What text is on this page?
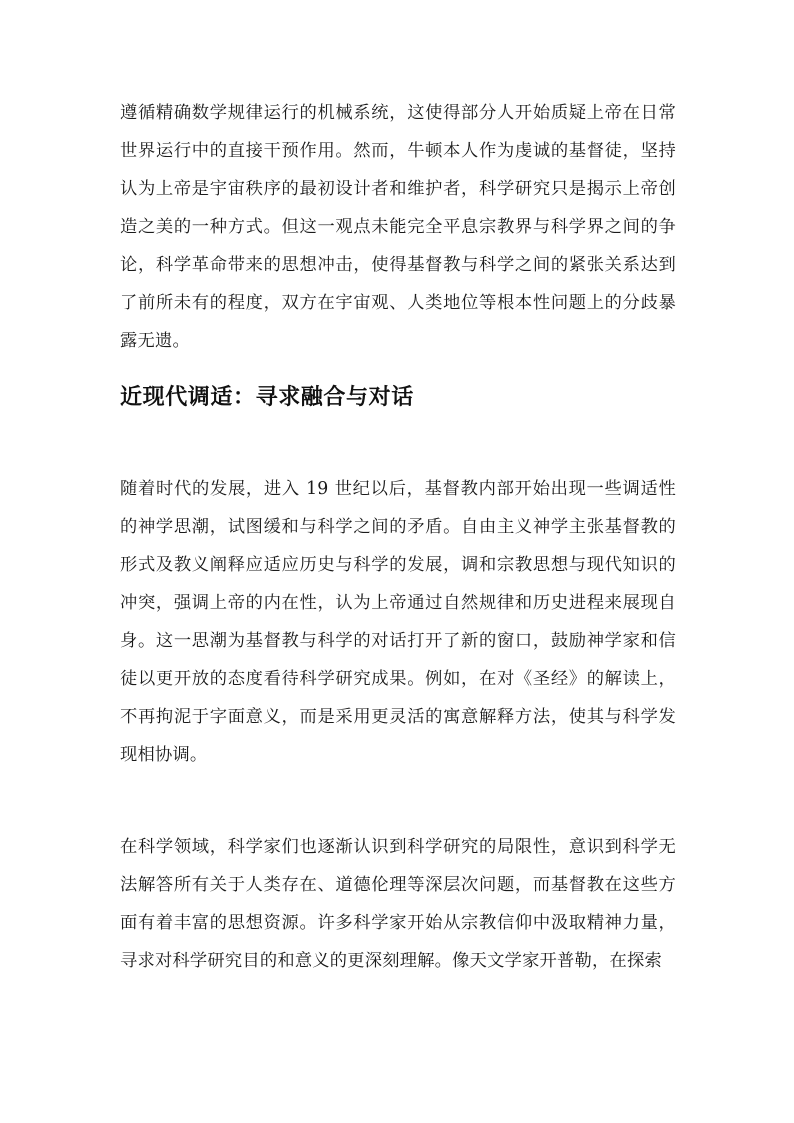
遵循精确数学规律运行的机械系统，这使得部分人开始质疑上帝在日常世界运行中的直接干预作用。然而，牛顿本人作为虔诚的基督徒，坚持认为上帝是宇宙秩序的最初设计者和维护者，科学研究只是揭示上帝创造之美的一种方式。但这一观点未能完全平息宗教界与科学界之间的争论，科学革命带来的思想冲击，使得基督教与科学之间的紧张关系达到了前所未有的程度，双方在宇宙观、人类地位等根本性问题上的分歧暴露无遗。

近现代调适：寻求融合与对话

随着时代的发展，进入 19 世纪以后，基督教内部开始出现一些调适性的神学思潮，试图缓和与科学之间的矛盾。自由主义神学主张基督教的形式及教义阐释应适应历史与科学的发展，调和宗教思想与现代知识的冲突，强调上帝的内在性，认为上帝通过自然规律和历史进程来展现自身。这一思潮为基督教与科学的对话打开了新的窗口，鼓励神学家和信徒以更开放的态度看待科学研究成果。例如，在对《圣经》的解读上，不再拘泥于字面意义，而是采用更灵活的寓意解释方法，使其与科学发现相协调。

在科学领域，科学家们也逐渐认识到科学研究的局限性，意识到科学无法解答所有关于人类存在、道德伦理等深层次问题，而基督教在这些方面有着丰富的思想资源。许多科学家开始从宗教信仰中汲取精神力量，寻求对科学研究目的和意义的更深刻理解。像天文学家开普勒，在探索
